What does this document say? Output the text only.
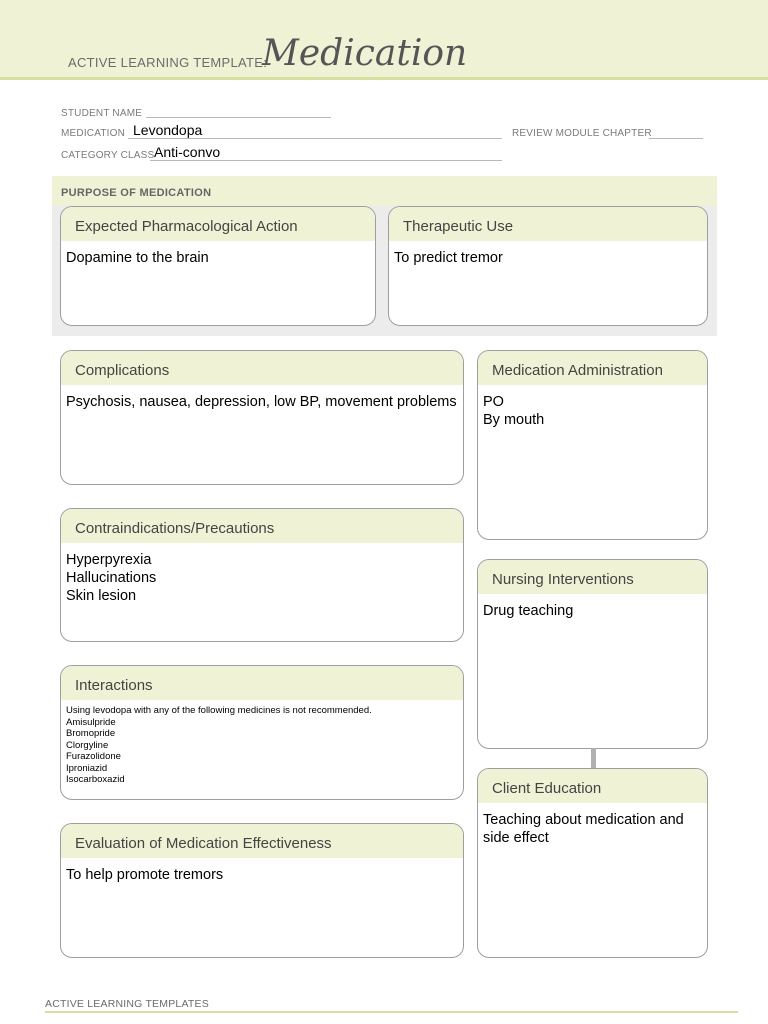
ACTIVE LEARNING TEMPLATE:
Medication
STUDENT NAME
MEDICATION Levondopa	REVIEW MODULE CHAPTER
CATEGORY CLASS Anti-convo
PURPOSE OF MEDICATION
Expected Pharmacological Action
Dopamine to the brain
Therapeutic Use
To predict tremor
Complications
Psychosis, nausea, depression, low BP, movement problems
Contraindications/Precautions
Hyperpyrexia
Hallucinations
Skin lesion
Interactions
Using levodopa with any of the following medicines is not recommended.
Amisulpride
Bromopride
Clorgyline
Furazolidone
Iproniazid
Isocarboxazid
Evaluation of Medication Effectiveness
To help promote tremors
Medication Administration
PO
By mouth
Nursing Interventions
Drug teaching
Client Education
Teaching about medication and side effect
ACTIVE LEARNING TEMPLATES
